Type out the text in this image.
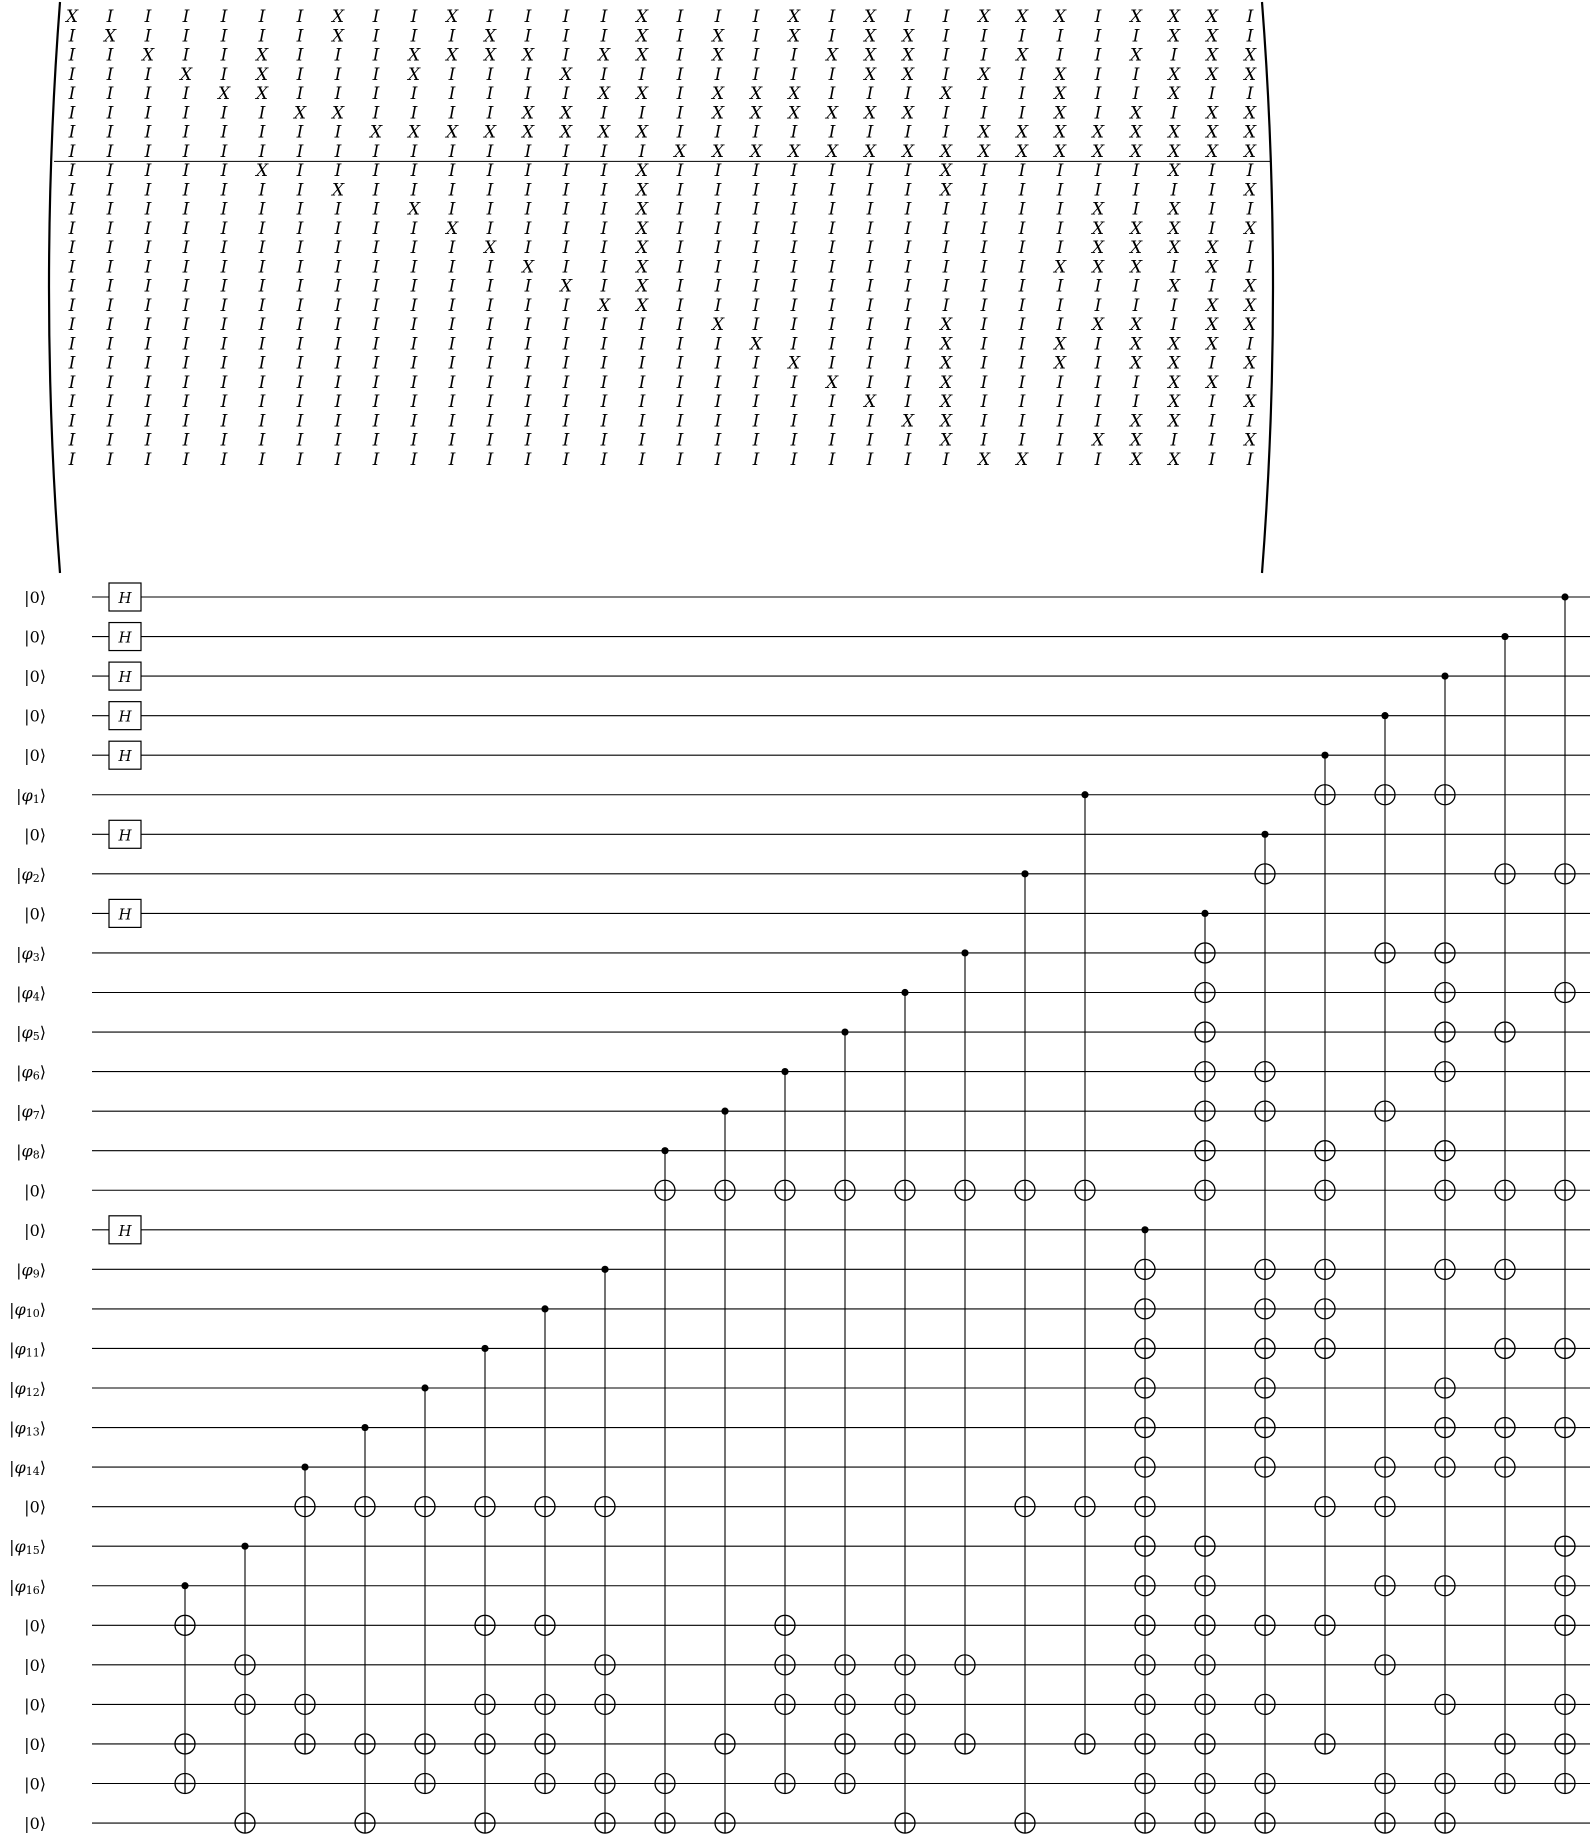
X I I I I I I X I I X I I I I X I I I X I X I I X X X I X X X I
I X I I I I I X I I I X I I I X I X I X I X X I I I I I I X X I
I I X I I X I I I X X X X I X X I X I I X X X I I X I I X I X X
I I I X I X I I I X I I I X I I I I I I I X X I X I X I I X X X
I I I I X X I I I I I I I I X X I X X X I I I X I I X I I X I I
I I I I I I X X I I I I X X I I I X X X X X X I I I X I X I X X
I I I I I I I I X X X X X X X X I I I I I I I I X X X X X X X X
I I I I I I I I I I I I I I I I X X X X X X X X X X X X X X X X
I I I I I X I I I I I I I I I X I I I I I I I X I I I I I X I I
I I I I I I I X I I I I I I I X I I I I I I I X I I I I I I I X
I I I I I I I I I X I I I I I X I I I I I I I I I I I X I X I I
I I I I I I I I I I X I I I I X I I I I I I I I I I I X X X I X
I I I I I I I I I I I X I I I X I I I I I I I I I I I X X X X I
I I I I I I I I I I I I X I I X I I I I I I I I I I X X X I X I
I I I I I I I I I I I I I X I X I I I I I I I I I I I I I X I X
I I I I I I I I I I I I I I X X I I I I I I I I I I I I I I X X
I I I I I I I I I I I I I I I I I X I I I I I X I I I X X I X X
I I I I I I I I I I I I I I I I I I X I I I I X I I X I X X X I
I I I I I I I I I I I I I I I I I I I X I I I X I I X I X X I X
I I I I I I I I I I I I I I I I I I I I X I I X I I I I I X X I
I I I I I I I I I I I I I I I I I I I I I X I X I I I I I X I X
I I I I I I I I I I I I I I I I I I I I I I X X I I I I X X I I
I I I I I I I I I I I I I I I I I I I I I I I X I I I X X I I X
I I I I I I I I I I I I I I I I I I I I I I I I X X I I X X I I
|0⟩	H
|0⟩	H
|0⟩	H
|0⟩	H
|0⟩	H
$|\varphi_1⟩$
|0⟩	H
$|\varphi_2⟩$
|0⟩	H
$|\varphi_3⟩$
$|\varphi_4⟩$
$|\varphi_5⟩$
$|\varphi_6⟩$
$|\varphi_7⟩$
$|\varphi_8⟩$
|0⟩
|0⟩	H
$|\varphi_9⟩$
$|\varphi_{10}⟩$
$|\varphi_{11}⟩$
$|\varphi_{12}⟩$
$|\varphi_{13}⟩$
$|\varphi_{14}⟩$
|0⟩
$|\varphi_{15}⟩$
$|\varphi_{16}⟩$
|0⟩
|0⟩
|0⟩
|0⟩
|0⟩
|0⟩
